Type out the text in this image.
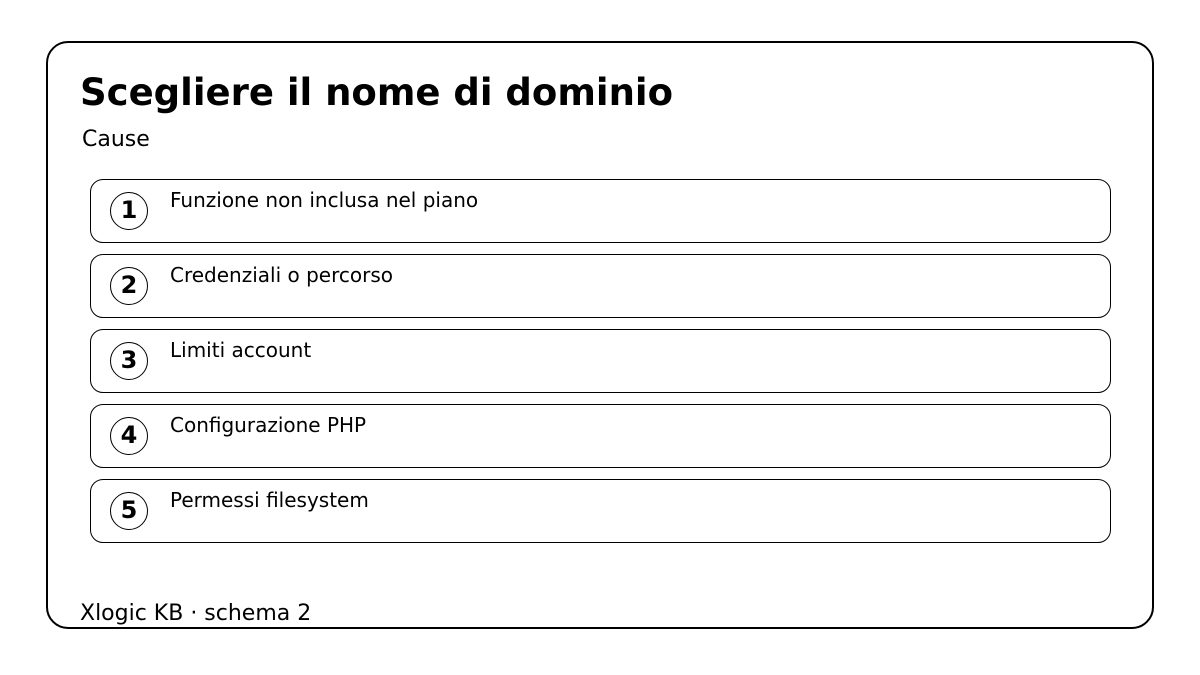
Scegliere il nome di dominio
Cause
1	Funzione non inclusa nel piano
2	Credenziali o percorso
3	Limiti account
4	Configurazione PHP
5	Permessi filesystem
Xlogic KB · schema 2
